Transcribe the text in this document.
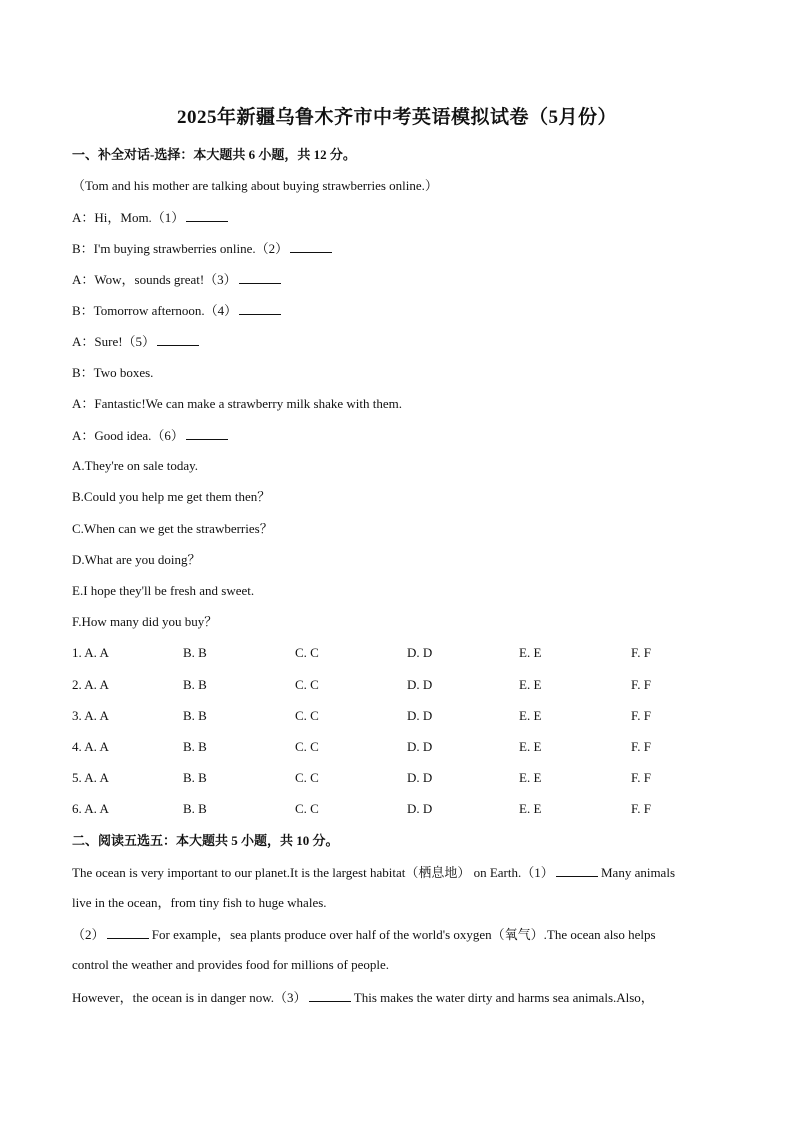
2025年新疆乌鲁木齐市中考英语模拟试卷（5月份）
一、补全对话-选择：本大题共 6 小题，共 12 分。
（Tom and his mother are talking about buying strawberries online.）
A：Hi，Mom.（1）
B：I'm buying strawberries online.（2）
A：Wow，sounds great!（3）
B：Tomorrow afternoon.（4）
A：Sure!（5）
B：Two boxes.
A：Fantastic!We can make a strawberry milk shake with them.
A：Good idea.（6）
A.They're on sale today.
B.Could you help me get them then？
C.When can we get the strawberries？
D.What are you doing？
E.I hope they'll be fresh and sweet.
F.How many did you buy？
1. A. A	B. B	C. C	D. D	E. E	F. F
2. A. A	B. B	C. C	D. D	E. E	F. F
3. A. A	B. B	C. C	D. D	E. E	F. F
4. A. A	B. B	C. C	D. D	E. E	F. F
5. A. A	B. B	C. C	D. D	E. E	F. F
6. A. A	B. B	C. C	D. D	E. E	F. F
二、阅读五选五：本大题共 5 小题，共 10 分。
The ocean is very important to our planet.It is the largest habitat（栖息地） on Earth.（1）	Many animals
live in the ocean，from tiny fish to huge whales.
（2）	For example，sea plants produce over half of the world's oxygen（氧气）.The ocean also helps
control the weather and provides food for millions of people.
However，the ocean is in danger now.（3）	This makes the water dirty and harms sea animals.Also，
